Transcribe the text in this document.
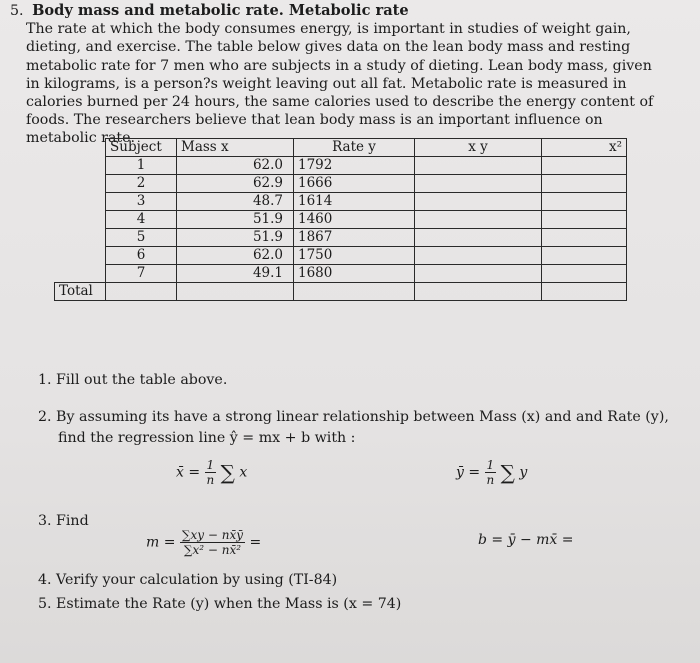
5. Body mass and metabolic rate. Metabolic rate
The rate at which the body consumes energy, is important in studies of weight gain, dieting, and exercise. The table below gives data on the lean body mass and resting metabolic rate for 7 men who are subjects in a study of dieting. Lean body mass, given in kilograms, is a person?s weight leaving out all fat. Metabolic rate is measured in calories burned per 24 hours, the same calories used to describe the energy content of foods. The researchers believe that lean body mass is an important influence on metabolic rate.
	Subject	Mass x	Rate y	x y	x²
	1	62.0	1792		
	2	62.9	1666		
	3	48.7	1614		
	4	51.9	1460		
	5	51.9	1867		
	6	62.0	1750		
	7	49.1	1680		
Total					
1. Fill out the table above.
2. By assuming its have a strong linear relationship between Mass (x) and and Rate (y),
find the regression line ŷ = mx + b with :
x̄ = $\frac{1}{n}$ ∑ x	ȳ = $\frac{1}{n}$ ∑ y
3. Find
$m = \frac{\sum xy - nx̄ȳ}{\text{∑x² − nx̄²}}$ =	b = ȳ − mx̄ =
4. Verify your calculation by using (TI-84)
5. Estimate the Rate (y) when the Mass is (x = 74)
